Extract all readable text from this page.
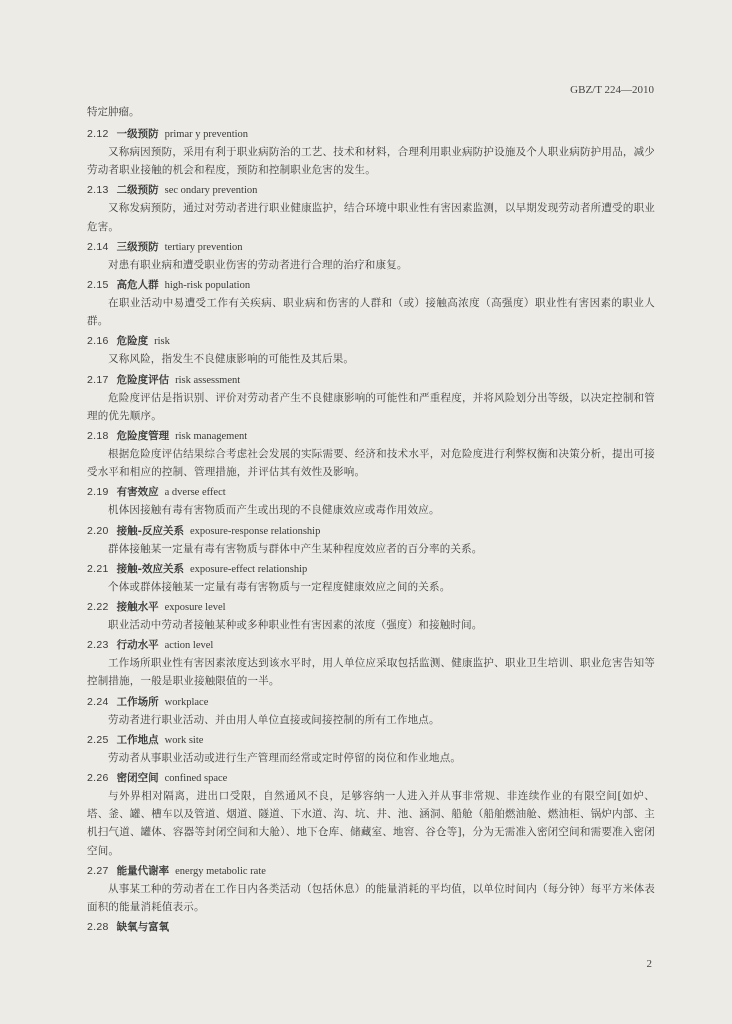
GBZ/T 224—2010

特定肿瘤。

2.12 一级预防 primar y prevention

又称病因预防，采用有利于职业病防治的工艺、技术和材料，合理利用职业病防护设施及个人职业病防护用品，减少劳动者职业接触的机会和程度，预防和控制职业危害的发生。

2.13 二级预防 sec ondary prevention

又称发病预防，通过对劳动者进行职业健康监护，结合环境中职业性有害因素监测，以早期发现劳动者所遭受的职业危害。

2.14 三级预防 tertiary prevention

对患有职业病和遭受职业伤害的劳动者进行合理的治疗和康复。

2.15 高危人群 high-risk population

在职业活动中易遭受工作有关疾病、职业病和伤害的人群和（或）接触高浓度（高强度）职业性有害因素的职业人群。

2.16 危险度 risk

又称风险，指发生不良健康影响的可能性及其后果。

2.17 危险度评估 risk assessment

危险度评估是指识别、评价对劳动者产生不良健康影响的可能性和严重程度，并将风险划分出等级，以决定控制和管理的优先顺序。

2.18 危险度管理 risk management

根据危险度评估结果综合考虑社会发展的实际需要、经济和技术水平，对危险度进行利弊权衡和决策分析，提出可接受水平和相应的控制、管理措施，并评估其有效性及影响。

2.19 有害效应 a dverse effect

机体因接触有毒有害物质而产生或出现的不良健康效应或毒作用效应。

2.20 接触-反应关系 exposure-response relationship

群体接触某一定量有毒有害物质与群体中产生某种程度效应者的百分率的关系。

2.21 接触-效应关系 exposure-effect relationship

个体或群体接触某一定量有毒有害物质与一定程度健康效应之间的关系。

2.22 接触水平 exposure level

职业活动中劳动者接触某种或多种职业性有害因素的浓度（强度）和接触时间。

2.23 行动水平 action level

工作场所职业性有害因素浓度达到该水平时，用人单位应采取包括监测、健康监护、职业卫生培训、职业危害告知等控制措施，一般是职业接触限值的一半。

2.24 工作场所 workplace

劳动者进行职业活动、并由用人单位直接或间接控制的所有工作地点。

2.25 工作地点 work site

劳动者从事职业活动或进行生产管理而经常或定时停留的岗位和作业地点。

2.26 密闭空间 confined space

与外界相对隔离，进出口受限，自然通风不良，足够容纳一人进入并从事非常规、非连续作业的有限空间[如炉、塔、釜、罐、槽车以及管道、烟道、隧道、下水道、沟、坑、井、池、涵洞、船舱（船舶燃油舱、燃油柜、锅炉内部、主机扫气道、罐体、容器等封闭空间和大舱）、地下仓库、储藏室、地窖、谷仓等]，分为无需准入密闭空间和需要准入密闭空间。

2.27 能量代谢率 energy metabolic rate

从事某工种的劳动者在工作日内各类活动（包括休息）的能量消耗的平均值，以单位时间内（每分钟）每平方米体表面积的能量消耗值表示。

2.28 缺氧与富氧
2
